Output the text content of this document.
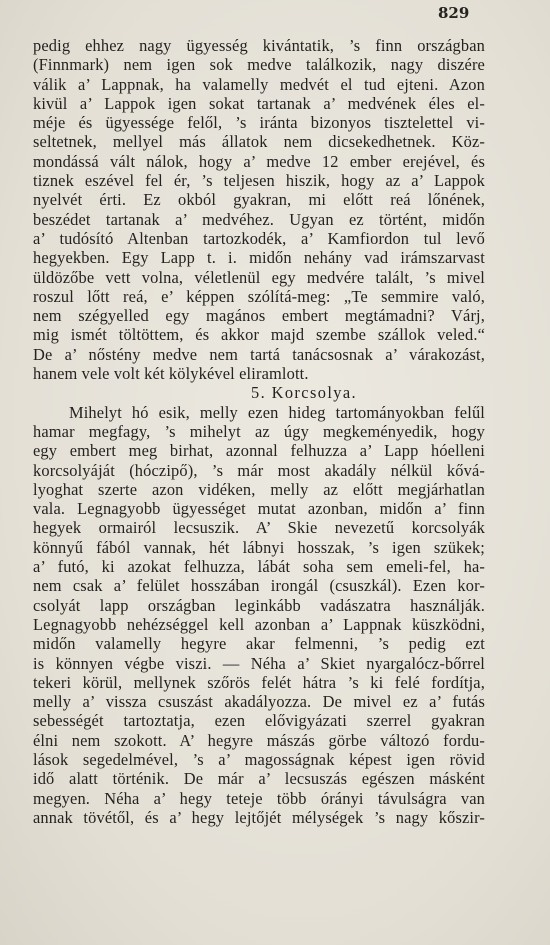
829
pedig ehhez nagy ügyesség kivántatik, ’s finn országban
(Finnmark) nem igen sok medve találkozik, nagy diszére
válik a’ Lappnak, ha valamelly medvét el tud ejteni. Azon
kivül a’ Lappok igen sokat tartanak a’ medvének éles el-
méje és ügyessége felől, ’s iránta bizonyos tisztelettel vi-
seltetnek, mellyel más állatok nem dicsekedhetnek. Köz-
mondássá vált nálok, hogy a’ medve 12 ember erejével, és
tiznek eszével fel ér, ’s teljesen hiszik, hogy az a’ Lappok
nyelvét érti. Ez okból gyakran, mi előtt reá lőnének,
beszédet tartanak a’ medvéhez. Ugyan ez történt, midőn
a’ tudósító Altenban tartozkodék, a’ Kamfiordon tul levő
hegyekben. Egy Lapp t. i. midőn nehány vad irámszarvast
üldözőbe vett volna, véletlenül egy medvére talált, ’s mivel
roszul lőtt reá, e’ képpen szólítá-meg: „Te semmire való,
nem szégyelled egy magános embert megtámadni? Várj,
mig ismét töltöttem, és akkor majd szembe szállok veled.“
De a’ nőstény medve nem tartá tanácsosnak a’ várakozást,
hanem vele volt két kölykével eliramlott.
5. Korcsolya.
Mihelyt hó esik, melly ezen hideg tartományokban felűl
hamar megfagy, ’s mihelyt az úgy megkeményedik, hogy
egy embert meg birhat, azonnal felhuzza a’ Lapp hóelleni
korcsolyáját (hóczipő), ’s már most akadály nélkül kővá-
lyoghat szerte azon vidéken, melly az előtt megjárhatlan
vala. Legnagyobb ügyességet mutat azonban, midőn a’ finn
hegyek ormairól lecsuszik. A’ Skie nevezetű korcsolyák
könnyű fából vannak, hét lábnyi hosszak, ’s igen szükek;
a’ futó, ki azokat felhuzza, lábát soha sem emeli-fel, ha-
nem csak a’ felület hosszában irongál (csuszkál). Ezen kor-
csolyát lapp országban leginkább vadászatra használják.
Legnagyobb nehézséggel kell azonban a’ Lappnak küszködni,
midőn valamelly hegyre akar felmenni, ’s pedig ezt
is könnyen végbe viszi. — Néha a’ Skiet nyargalócz-bőrrel
tekeri körül, mellynek szőrös felét hátra ’s ki felé fordítja,
melly a’ vissza csuszást akadályozza. De mivel ez a’ futás
sebességét tartoztatja, ezen elővigyázati szerrel gyakran
élni nem szokott. A’ hegyre mászás görbe változó fordu-
lások segedelmével, ’s a’ magosságnak képest igen rövid
idő alatt történik. De már a’ lecsuszás egészen másként
megyen. Néha a’ hegy teteje több órányi távulságra van
annak tövétől, és a’ hegy lejtőjét mélységek ’s nagy kőszir-
